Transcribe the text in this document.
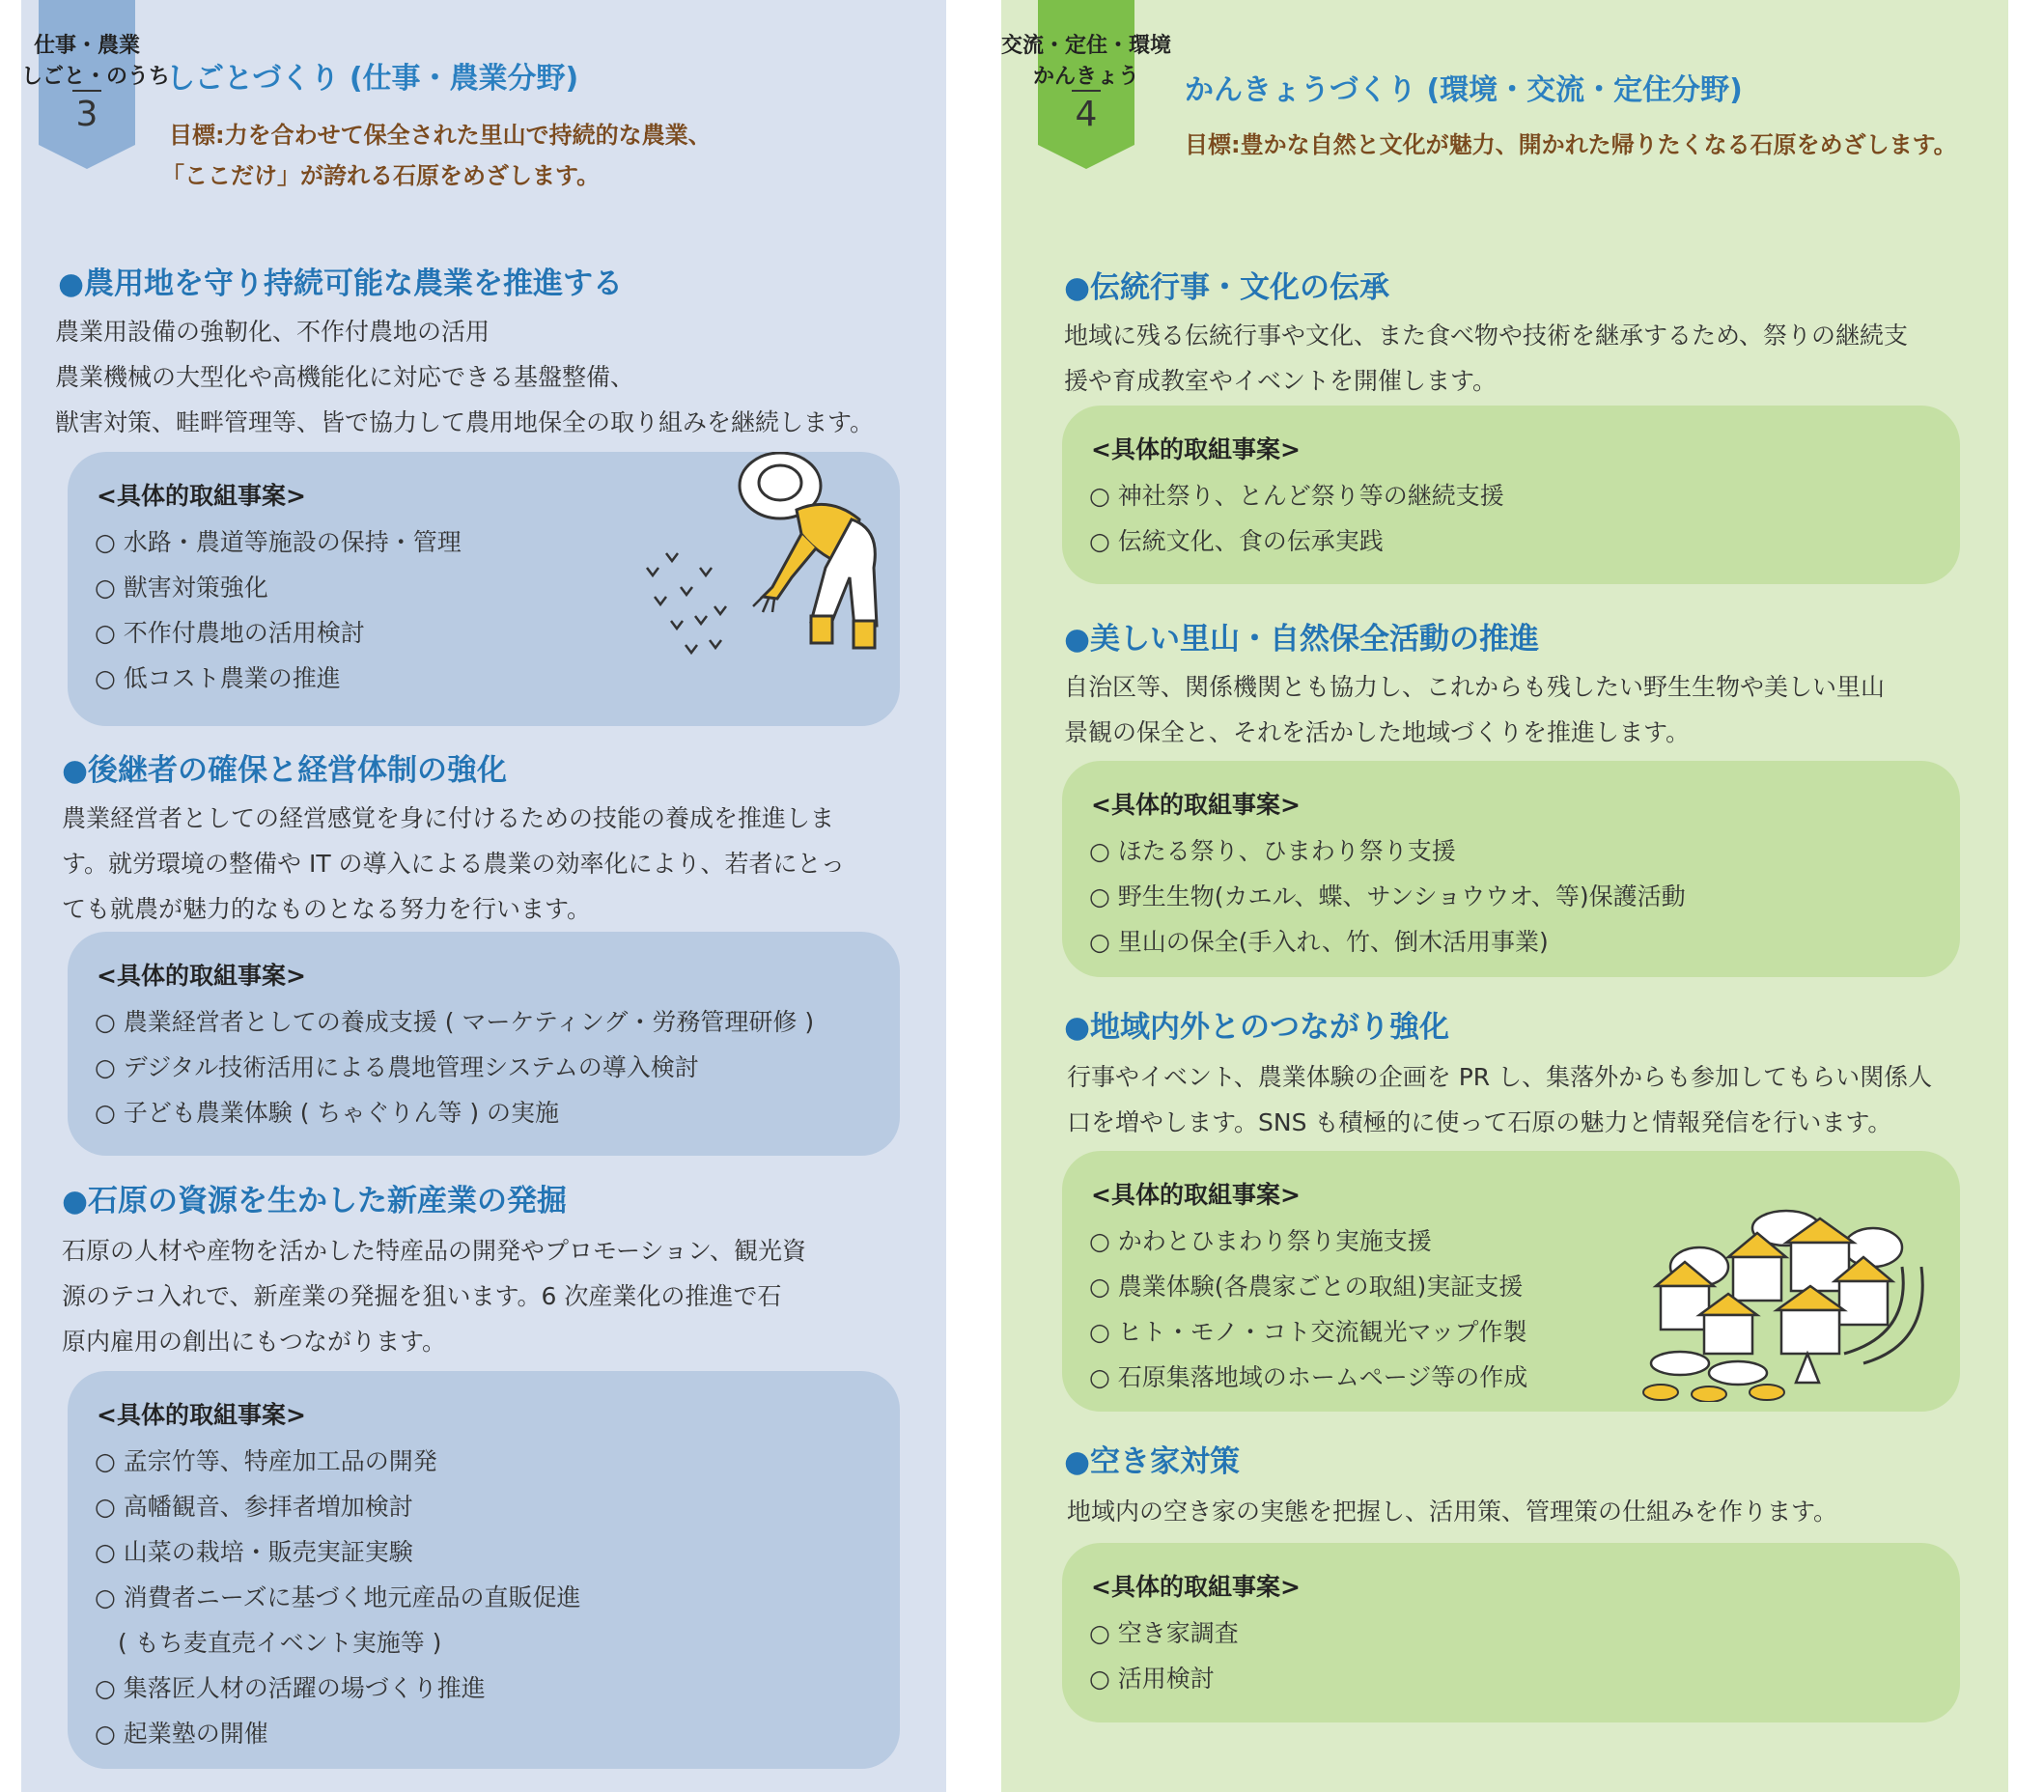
3
仕事・農業
しごと・のうち
しごとづくり (仕事・農業分野)
目標:力を合わせて保全された里山で持続的な農業、
「ここだけ」が誇れる石原をめざします。
●農用地を守り持続可能な農業を推進する
農業用設備の強靭化、不作付農地の活用
農業機械の大型化や高機能化に対応できる基盤整備、
獣害対策、畦畔管理等、皆で協力して農用地保全の取り組みを継続します。
<具体的取組事案>
○ 水路・農道等施設の保持・管理
○ 獣害対策強化
○ 不作付農地の活用検討
○ 低コスト農業の推進
●後継者の確保と経営体制の強化
農業経営者としての経営感覚を身に付けるための技能の養成を推進しま
す。就労環境の整備や IT の導入による農業の効率化により、若者にとっ
ても就農が魅力的なものとなる努力を行います。
<具体的取組事案>
○ 農業経営者としての養成支援 ( マーケティング・労務管理研修 )
○ デジタル技術活用による農地管理システムの導入検討
○ 子ども農業体験 ( ちゃぐりん等 ) の実施
●石原の資源を生かした新産業の発掘
石原の人材や産物を活かした特産品の開発やプロモーション、観光資
源のテコ入れで、新産業の発掘を狙います。6 次産業化の推進で石
原内雇用の創出にもつながります。
<具体的取組事案>
○ 孟宗竹等、特産加工品の開発
○ 高幡観音、参拝者増加検討
○ 山菜の栽培・販売実証実験
○ 消費者ニーズに基づく地元産品の直販促進
( もち麦直売イベント実施等 )
○ 集落匠人材の活躍の場づくり推進
○ 起業塾の開催
4
交流・定住・環境
かんきょう かんきょうづくり (環境・交流・定住分野)
目標:豊かな自然と文化が魅力、開かれた帰りたくなる石原をめざします。
●伝統行事・文化の伝承
地域に残る伝統行事や文化、また食べ物や技術を継承するため、祭りの継続支
援や育成教室やイベントを開催します。
<具体的取組事案>
○ 神社祭り、とんど祭り等の継続支援
○ 伝統文化、食の伝承実践
●美しい里山・自然保全活動の推進
自治区等、関係機関とも協力し、これからも残したい野生生物や美しい里山
景観の保全と、それを活かした地域づくりを推進します。
<具体的取組事案>
○ ほたる祭り、ひまわり祭り支援
○ 野生生物(カエル、蝶、サンショウウオ、等)保護活動
○ 里山の保全(手入れ、竹、倒木活用事業)
●地域内外とのつながり強化
行事やイベント、農業体験の企画を PR し、集落外からも参加してもらい関係人
口を増やします。SNS も積極的に使って石原の魅力と情報発信を行います。
<具体的取組事案>
○ かわとひまわり祭り実施支援
○ 農業体験(各農家ごとの取組)実証支援
○ ヒト・モノ・コト交流観光マップ作製
○ 石原集落地域のホームページ等の作成
●空き家対策
地域内の空き家の実態を把握し、活用策、管理策の仕組みを作ります。
<具体的取組事案>
○ 空き家調査
○ 活用検討
